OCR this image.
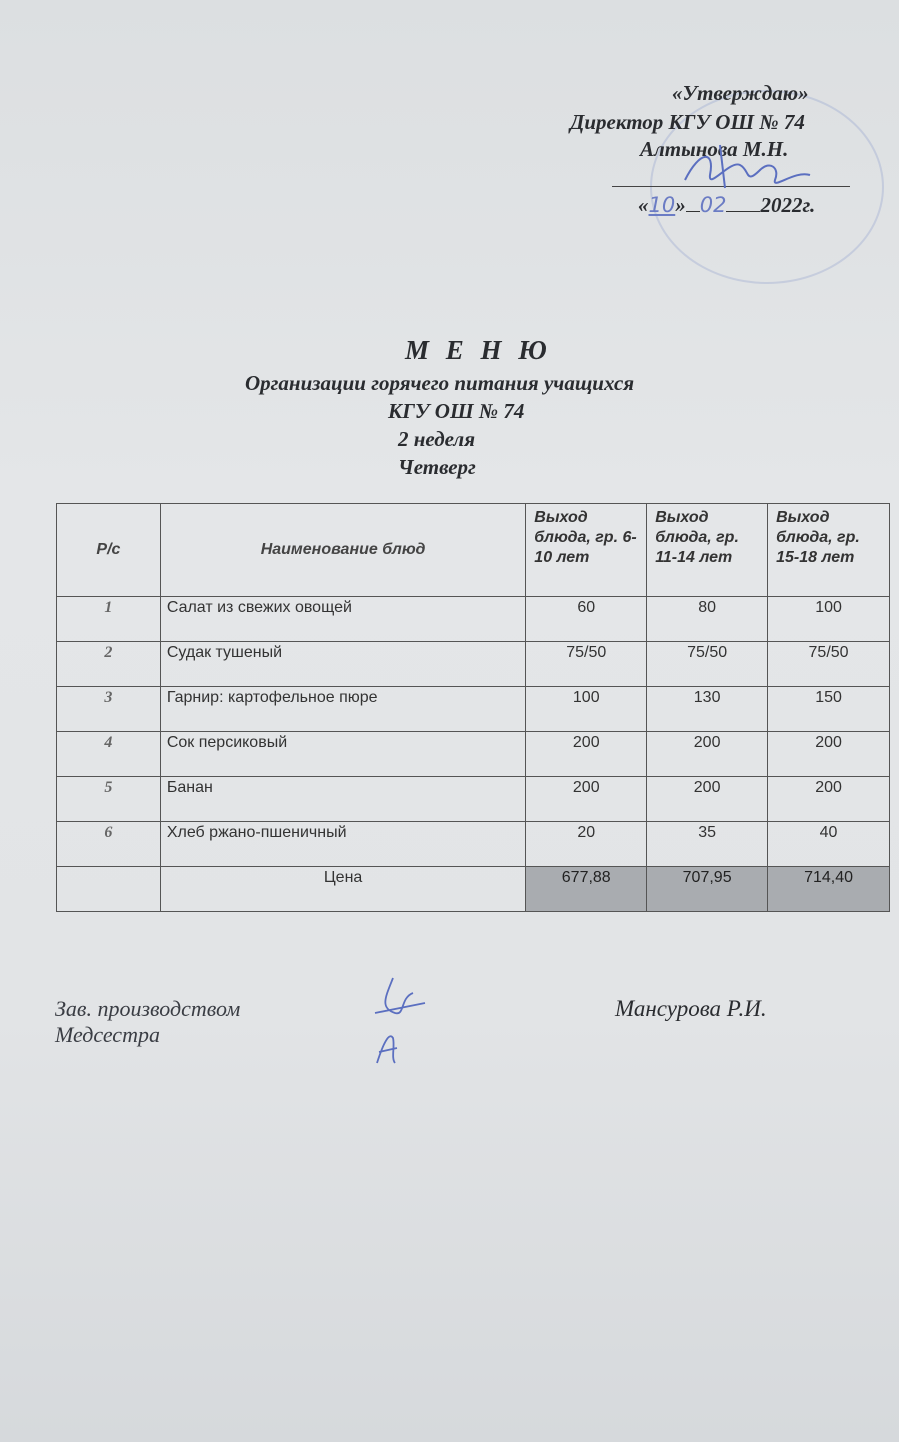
«Утверждаю»
Директор КГУ ОШ № 74
Алтынова М.Н.
«10» 02 2022г.
М Е Н Ю
Организации горячего питания учащихся
КГУ ОШ № 74
2 неделя
Четверг
Р/с	Наименование блюд	Выход блюда, гр. 6-10 лет	Выход блюда, гр. 11-14 лет	Выход блюда, гр. 15-18 лет
1	Салат из свежих овощей	60	80	100
2	Судак тушеный	75/50	75/50	75/50
3	Гарнир: картофельное пюре	100	130	150
4	Сок персиковый	200	200	200
5	Банан	200	200	200
6	Хлеб ржано-пшеничный	20	35	40
	Цена	677,88	707,95	714,40
Зав. производством
Медсестра
Мансурова Р.И.
